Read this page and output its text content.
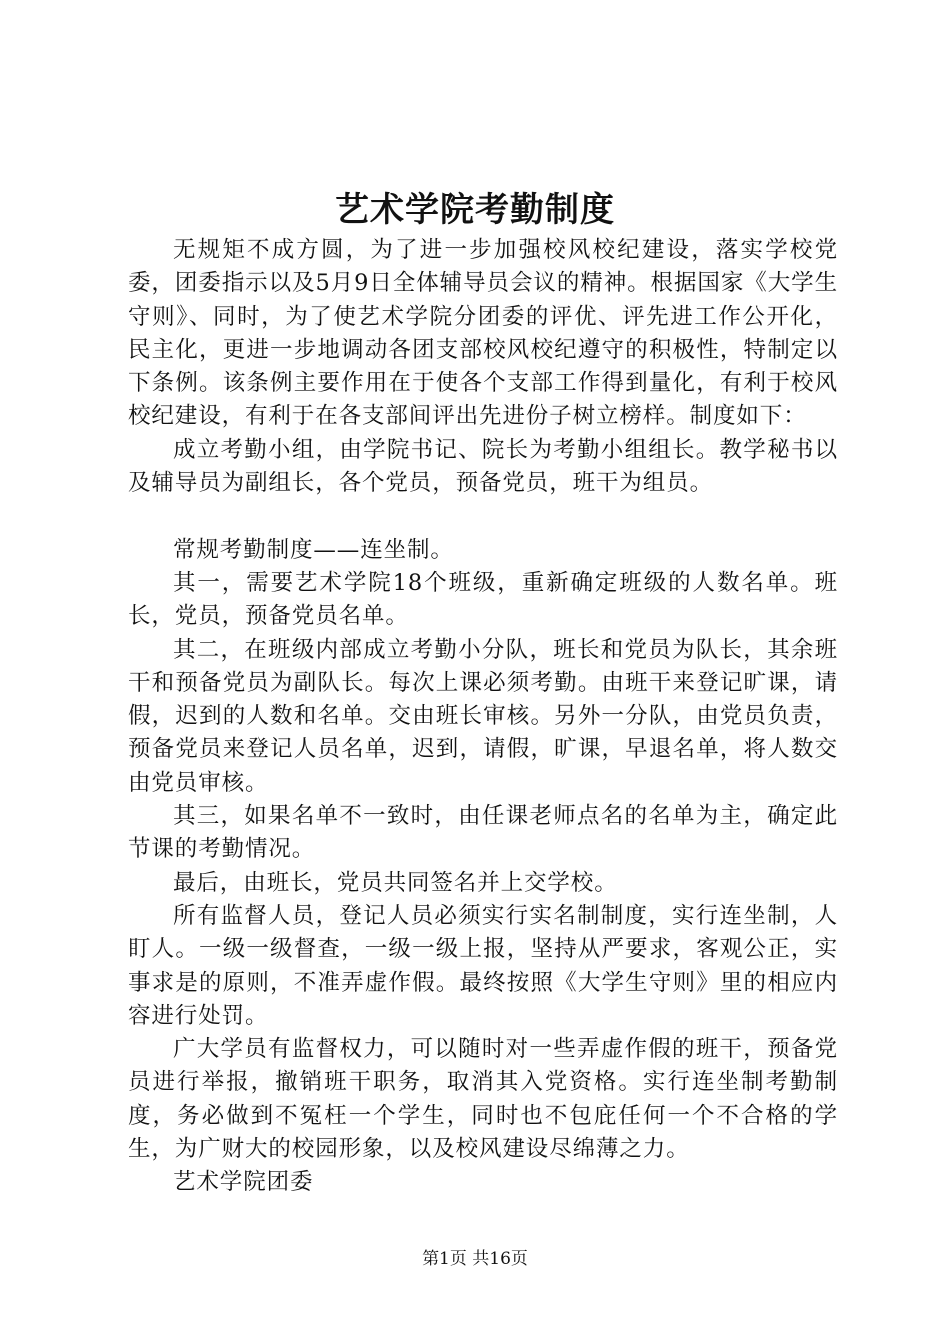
艺术学院考勤制度

无规矩不成方圆，为了进一步加强校风校纪建设，落实学校党委，团委指示以及5月9日全体辅导员会议的精神。根据国家《大学生守则》、同时，为了使艺术学院分团委的评优、评先进工作公开化，民主化，更进一步地调动各团支部校风校纪遵守的积极性，特制定以下条例。该条例主要作用在于使各个支部工作得到量化，有利于校风校纪建设，有利于在各支部间评出先进份子树立榜样。制度如下：

成立考勤小组，由学院书记、院长为考勤小组组长。教学秘书以及辅导员为副组长，各个党员，预备党员，班干为组员。

常规考勤制度——连坐制。

其一，需要艺术学院18个班级，重新确定班级的人数名单。班长，党员，预备党员名单。

其二，在班级内部成立考勤小分队，班长和党员为队长，其余班干和预备党员为副队长。每次上课必须考勤。由班干来登记旷课，请假，迟到的人数和名单。交由班长审核。另外一分队，由党员负责，预备党员来登记人员名单，迟到，请假，旷课，早退名单，将人数交由党员审核。

其三，如果名单不一致时，由任课老师点名的名单为主，确定此节课的考勤情况。

最后，由班长，党员共同签名并上交学校。

所有监督人员，登记人员必须实行实名制制度，实行连坐制，人盯人。一级一级督查，一级一级上报，坚持从严要求，客观公正，实事求是的原则，不准弄虚作假。最终按照《大学生守则》里的相应内容进行处罚。

广大学员有监督权力，可以随时对一些弄虚作假的班干，预备党员进行举报，撤销班干职务，取消其入党资格。实行连坐制考勤制度，务必做到不冤枉一个学生，同时也不包庇任何一个不合格的学生，为广财大的校园形象，以及校风建设尽绵薄之力。

艺术学院团委

第1页 共16页
